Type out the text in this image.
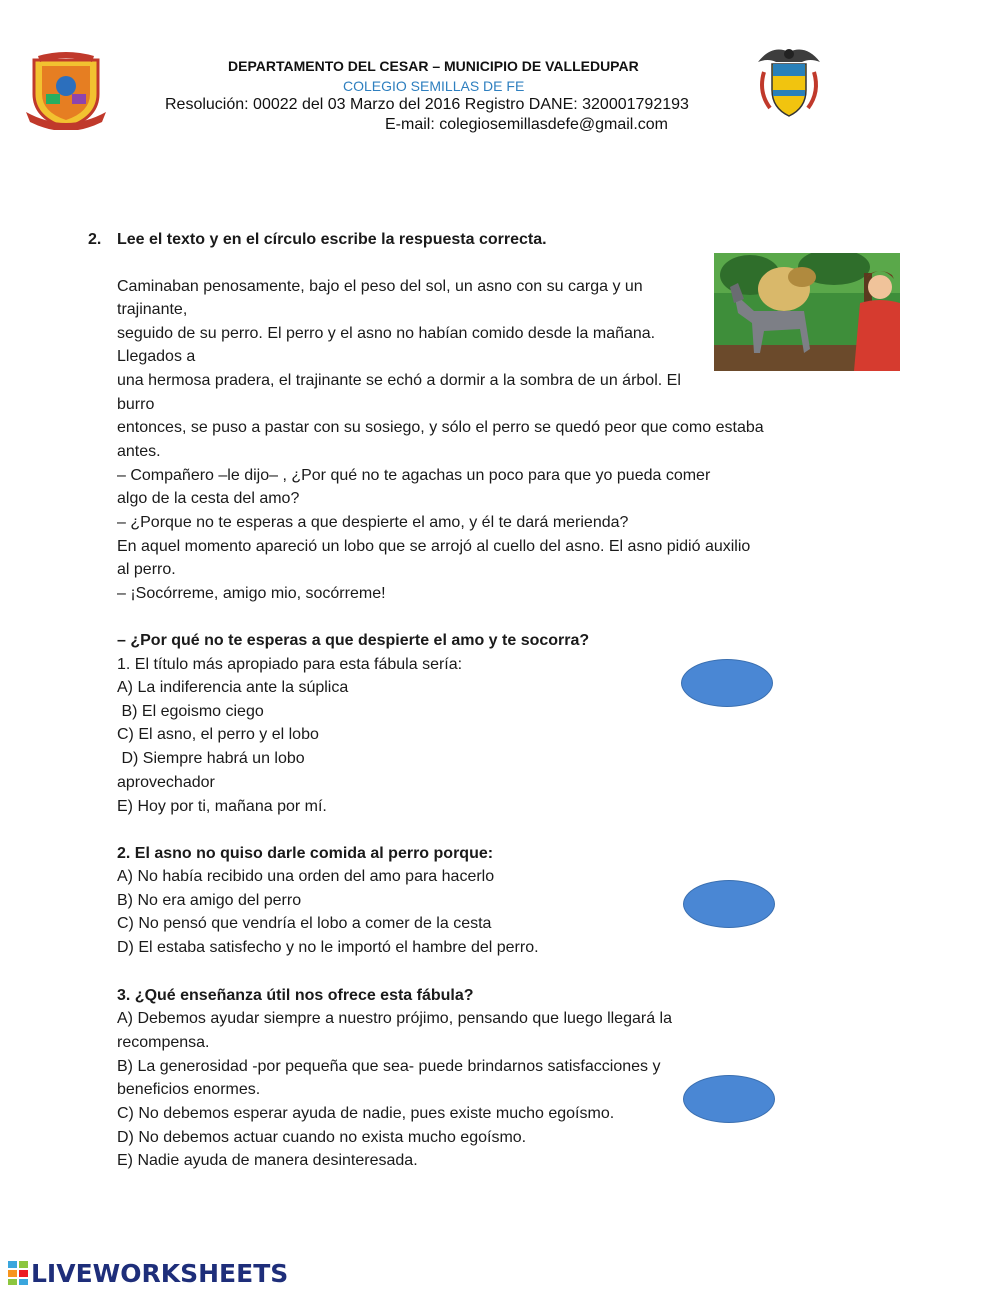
DEPARTAMENTO DEL CESAR – MUNICIPIO DE VALLEDUPAR
COLEGIO SEMILLAS DE FE
Resolución: 00022 del 03 Marzo del 2016 Registro DANE: 320001792193
E-mail: colegiosemillasdefe@gmail.com
2. Lee el texto y en el círculo escribe la respuesta correcta.
Caminaban penosamente, bajo el peso del sol, un asno con su carga y un
trajinante,
seguido de su perro. El perro y el asno no habían comido desde la mañana.
Llegados a
una hermosa pradera, el trajinante se echó a dormir a la sombra de un árbol. El
burro
entonces, se puso a pastar con su sosiego, y sólo el perro se quedó peor que como estaba
antes.
– Compañero –le dijo– , ¿Por qué no te agachas un poco para que yo pueda comer
algo de la cesta del amo?
– ¿Porque no te esperas a que despierte el amo, y él te dará merienda?
En aquel momento apareció un lobo que se arrojó al cuello del asno. El asno pidió auxilio
al perro.
– ¡Socórreme, amigo mio, socórreme!
– ¿Por qué no te esperas a que despierte el amo y te socorra?
1. El título más apropiado para esta fábula sería:
A) La indiferencia ante la súplica
B) El egoismo ciego
C) El asno, el perro y el lobo
D) Siempre habrá un lobo
aprovechador
E) Hoy por ti, mañana por mí.
2. El asno no quiso darle comida al perro porque:
A) No había recibido una orden del amo para hacerlo
B) No era amigo del perro
C) No pensó que vendría el lobo a comer de la cesta
D) El estaba satisfecho y no le importó el hambre del perro.
3. ¿Qué enseñanza útil nos ofrece esta fábula?
A) Debemos ayudar siempre a nuestro prójimo, pensando que luego llegará la
recompensa.
B) La generosidad -por pequeña que sea- puede brindarnos satisfacciones y
beneficios enormes.
C) No debemos esperar ayuda de nadie, pues existe mucho egoísmo.
D) No debemos actuar cuando no exista mucho egoísmo.
E) Nadie ayuda de manera desinteresada.
LIVEWORKSHEETS
